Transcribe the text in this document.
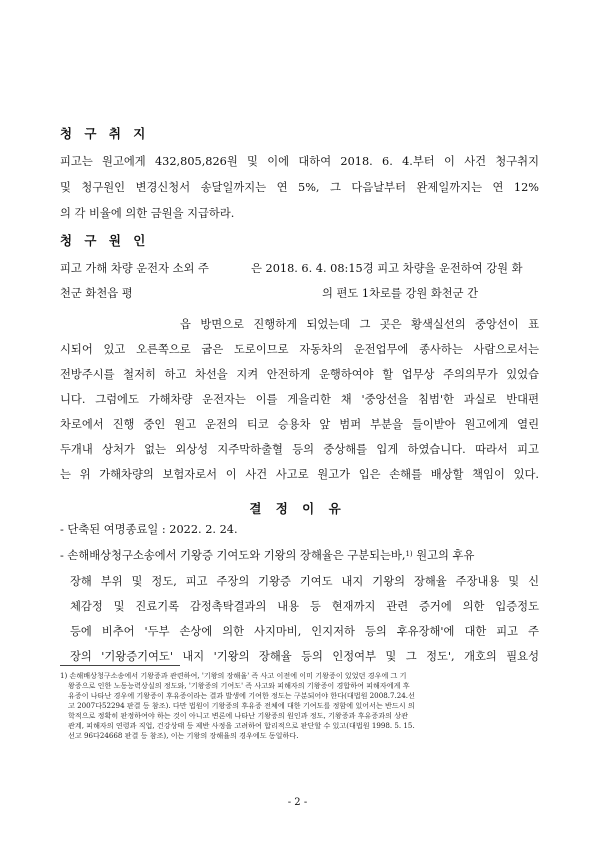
청 구 취 지
피고는 원고에게 432,805,826원 및 이에 대하여 2018. 6. 4.부터 이 사건 청구취지
및 청구원인 변경신청서 송달일까지는 연 5%, 그 다음날부터 완제일까지는 연 12%
의 각 비율에 의한 금원을 지급하라.
청 구 원 인
피고 가해 차량 운전자 소외 주	은 2018. 6. 4. 08:15경 피고 차량을 운전하여 강원 화
천군 화천읍 평	의 편도 1차로를 강원 화천군 간
읍 방면으로 진행하게 되었는데 그 곳은 황색실선의 중앙선이 표
시되어 있고 오른쪽으로 굽은 도로이므로 자동차의 운전업무에 종사하는 사람으로서는
전방주시를 철저히 하고 차선을 지켜 안전하게 운행하여야 할 업무상 주의의무가 있었습
니다. 그럼에도 가해차량 운전자는 이를 게을리한 채 '중앙선을 침범'한 과실로 반대편
차로에서 진행 중인 원고 운전의 티코 승용차 앞 범퍼 부분을 들이받아 원고에게 열린
두개내 상처가 없는 외상성 지주막하출혈 등의 중상해를 입게 하였습니다. 따라서 피고
는 위 가해차량의 보험자로서 이 사건 사고로 원고가 입은 손해를 배상할 책임이 있다.
결 정 이 유
- 단축된 여명종료일 : 2022. 2. 24.
- 손해배상청구소송에서 기왕증 기여도와 기왕의 장해율은 구분되는바,$^{1)}$ 원고의 후유
장해 부위 및 정도, 피고 주장의 기왕증 기여도 내지 기왕의 장해율 주장내용 및 신
체감정 및 진료기록 감정촉탁결과의 내용 등 현재까지 관련 증거에 의한 입증정도
등에 비추어 '두부 손상에 의한 사지마비, 인지저하 등의 후유장해'에 대한 피고 주
장의 '기왕증기여도' 내지 '기왕의 장해율 등의 인정여부 및 그 정도', 개호의 필요성
1) 손해배상청구소송에서 기왕증과 관련하여, '기왕의 장해율' 즉 사고 이전에 이미 기왕증이 있었던 경우에 그 기
왕증으로 인한 노동능력상실의 정도와, '기왕증의 기여도' 즉 사고와 피해자의 기왕증이 경합하여 피해자에게 후
유증이 나타난 경우에 기왕증이 후유증이라는 결과 발생에 기여한 정도는 구분되어야 한다(대법원 2008.7.24.선
고 2007다52294 판결 등 참조). 다만 법원이 기왕증의 후유증 전체에 대한 기여도를 정함에 있어서는 반드시 의
학적으로 정확히 판정하여야 하는 것이 아니고 변론에 나타난 기왕증의 원인과 정도, 기왕증과 후유증과의 상관
관계, 피해자의 연령과 직업, 건강상태 등 제반 사정을 고려하여 합리적으로 판단할 수 있고(대법원 1998. 5. 15.
선고 96다24668 판결 등 참조), 이는 기왕의 장해율의 경우에도 동일하다.
- 2 -
